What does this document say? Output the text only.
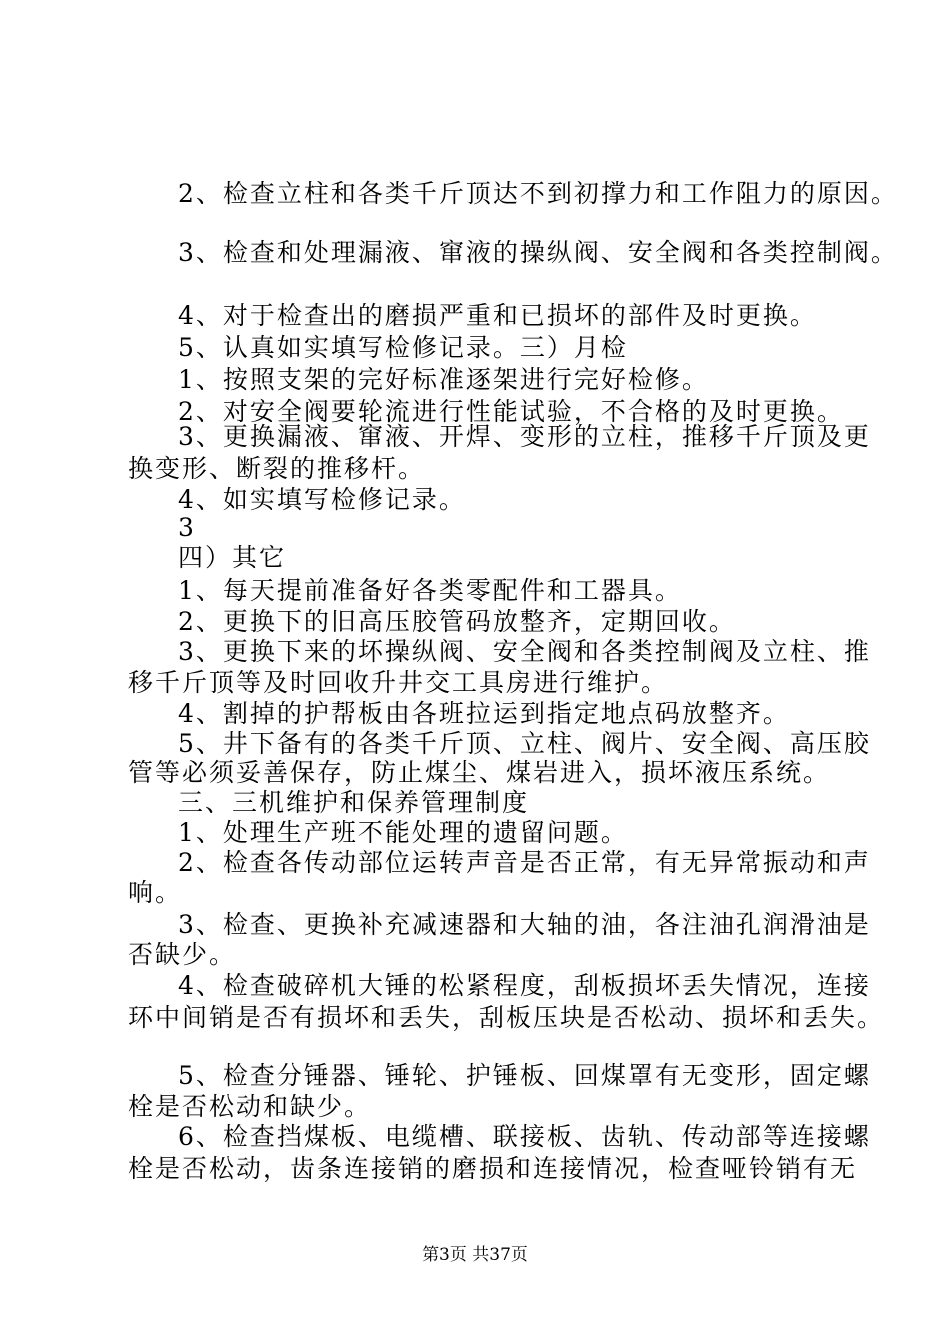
2、检查立柱和各类千斤顶达不到初撑力和工作阻力的原因。
3、检查和处理漏液、窜液的操纵阀、安全阀和各类控制阀。
4、对于检查出的磨损严重和已损坏的部件及时更换。
5、认真如实填写检修记录。三）月检
1、按照支架的完好标准逐架进行完好检修。
2、对安全阀要轮流进行性能试验，不合格的及时更换。
3、更换漏液、窜液、开焊、变形的立柱，推移千斤顶及更
换变形、断裂的推移杆。
4、如实填写检修记录。
3
四）其它
1、每天提前准备好各类零配件和工器具。
2、更换下的旧高压胶管码放整齐，定期回收。
3、更换下来的坏操纵阀、安全阀和各类控制阀及立柱、推
移千斤顶等及时回收升井交工具房进行维护。
4、割掉的护帮板由各班拉运到指定地点码放整齐。
5、井下备有的各类千斤顶、立柱、阀片、安全阀、高压胶
管等必须妥善保存，防止煤尘、煤岩进入，损坏液压系统。
三、三机维护和保养管理制度
1、处理生产班不能处理的遗留问题。
2、检查各传动部位运转声音是否正常，有无异常振动和声
响。
3、检查、更换补充减速器和大轴的油，各注油孔润滑油是
否缺少。
4、检查破碎机大锤的松紧程度，刮板损坏丢失情况，连接
环中间销是否有损坏和丢失，刮板压块是否松动、损坏和丢失。
5、检查分锤器、锤轮、护锤板、回煤罩有无变形，固定螺
栓是否松动和缺少。
6、检查挡煤板、电缆槽、联接板、齿轨、传动部等连接螺
栓是否松动，齿条连接销的磨损和连接情况，检查哑铃销有无
第3页 共37页
